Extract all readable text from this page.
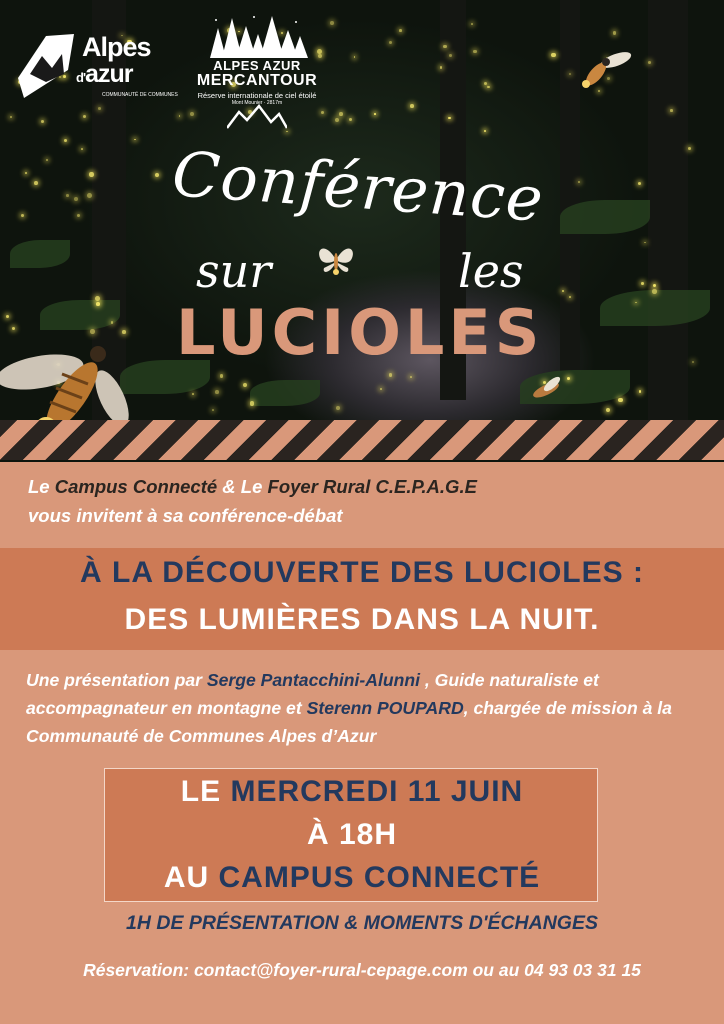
Alpes
d'azur
COMMUNAUTÉ DE COMMUNES
ALPES AZUR
MERCANTOUR
Réserve internationale de ciel étoilé
Mont Mounier · 2817m
Conférence
sur	les
LUCIOLES
Le Campus Connecté & Le Foyer Rural C.E.P.A.G.E
vous invitent à sa conférence-débat
À LA DÉCOUVERTE DES LUCIOLES :
DES LUMIÈRES DANS LA NUIT.
Une présentation par Serge Pantacchini-Alunni , Guide naturaliste et accompagnateur en montagne et Sterenn POUPARD, chargée de mission à la Communauté de Communes Alpes d’Azur
LE MERCREDI 11 JUIN
À 18H
AU CAMPUS CONNECTÉ
1H DE PRÉSENTATION & MOMENTS D'ÉCHANGES
Réservation: contact@foyer-rural-cepage.com ou au 04 93 03 31 15
